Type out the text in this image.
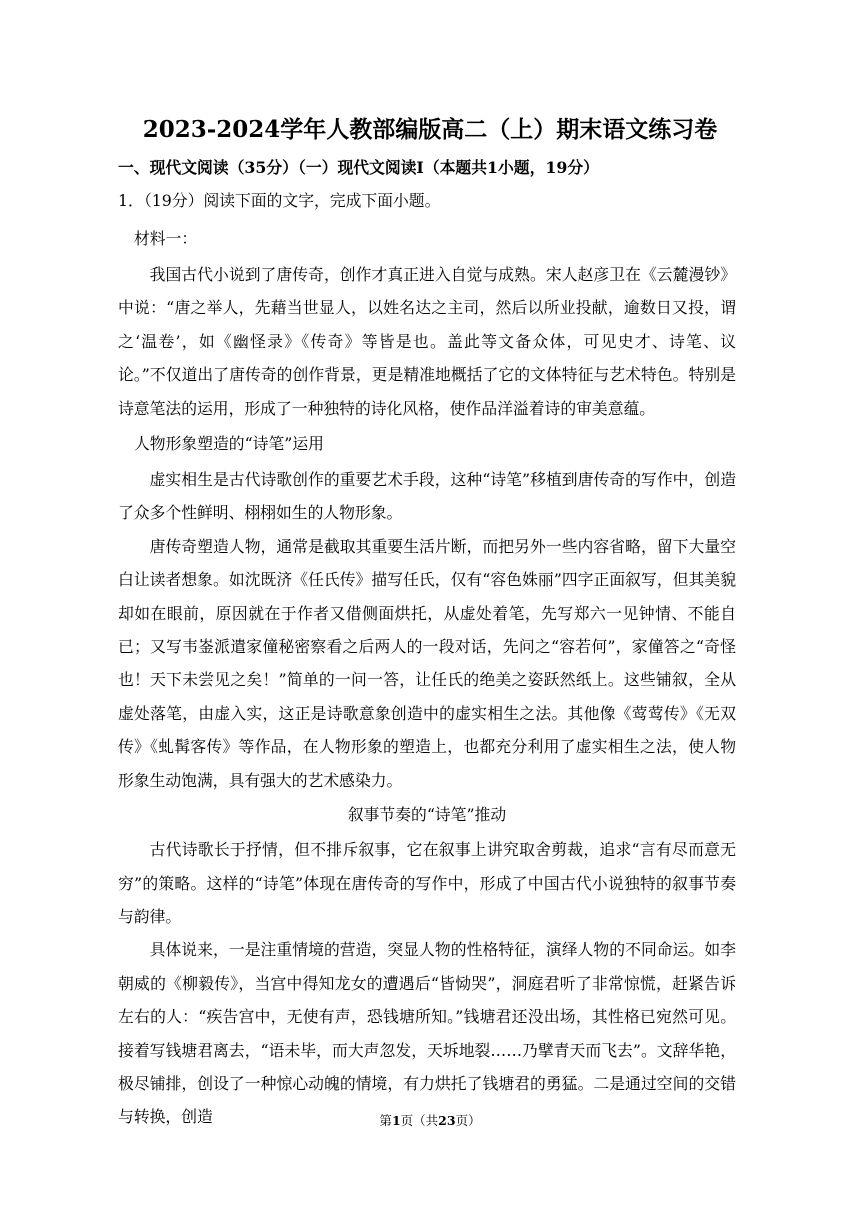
2023-2024学年人教部编版高二（上）期末语文练习卷

一、现代文阅读（35分）（一）现代文阅读Ⅰ（本题共1小题，19分）

1．（19分）阅读下面的文字，完成下面小题。

材料一：

我国古代小说到了唐传奇，创作才真正进入自觉与成熟。宋人赵彦卫在《云麓漫钞》中说：“唐之举人，先藉当世显人，以姓名达之主司，然后以所业投献，逾数日又投，谓之‘温卷’，如《幽怪录》《传奇》等皆是也。盖此等文备众体，可见史才、诗笔、议论。”不仅道出了唐传奇的创作背景，更是精准地概括了它的文体特征与艺术特色。特别是诗意笔法的运用，形成了一种独特的诗化风格，使作品洋溢着诗的审美意蕴。

人物形象塑造的“诗笔”运用

虚实相生是古代诗歌创作的重要艺术手段，这种“诗笔”移植到唐传奇的写作中，创造了众多个性鲜明、栩栩如生的人物形象。

唐传奇塑造人物，通常是截取其重要生活片断，而把另外一些内容省略，留下大量空白让读者想象。如沈既济《任氏传》描写任氏，仅有“容色姝丽”四字正面叙写，但其美貌却如在眼前，原因就在于作者又借侧面烘托，从虚处着笔，先写郑六一见钟情、不能自已；又写韦崟派遣家僮秘密察看之后两人的一段对话，先问之“容若何”，家僮答之“奇怪也！天下未尝见之矣！”简单的一问一答，让任氏的绝美之姿跃然纸上。这些铺叙，全从虚处落笔，由虚入实，这正是诗歌意象创造中的虚实相生之法。其他像《莺莺传》《无双传》《虬髯客传》等作品，在人物形象的塑造上，也都充分利用了虚实相生之法，使人物形象生动饱满，具有强大的艺术感染力。

叙事节奏的“诗笔”推动

古代诗歌长于抒情，但不排斥叙事，它在叙事上讲究取舍剪裁，追求“言有尽而意无穷”的策略。这样的“诗笔”体现在唐传奇的写作中，形成了中国古代小说独特的叙事节奏与韵律。

具体说来，一是注重情境的营造，突显人物的性格特征，演绎人物的不同命运。如李朝威的《柳毅传》，当宫中得知龙女的遭遇后“皆恸哭”，洞庭君听了非常惊慌，赶紧告诉左右的人：“疾告宫中，无使有声，恐钱塘所知。”钱塘君还没出场，其性格已宛然可见。接着写钱塘君离去，“语未毕，而大声忽发，天坼地裂……乃擘青天而飞去”。文辞华艳，极尽铺排，创设了一种惊心动魄的情境，有力烘托了钱塘君的勇猛。二是通过空间的交错与转换，创造	第1页（共23页）
